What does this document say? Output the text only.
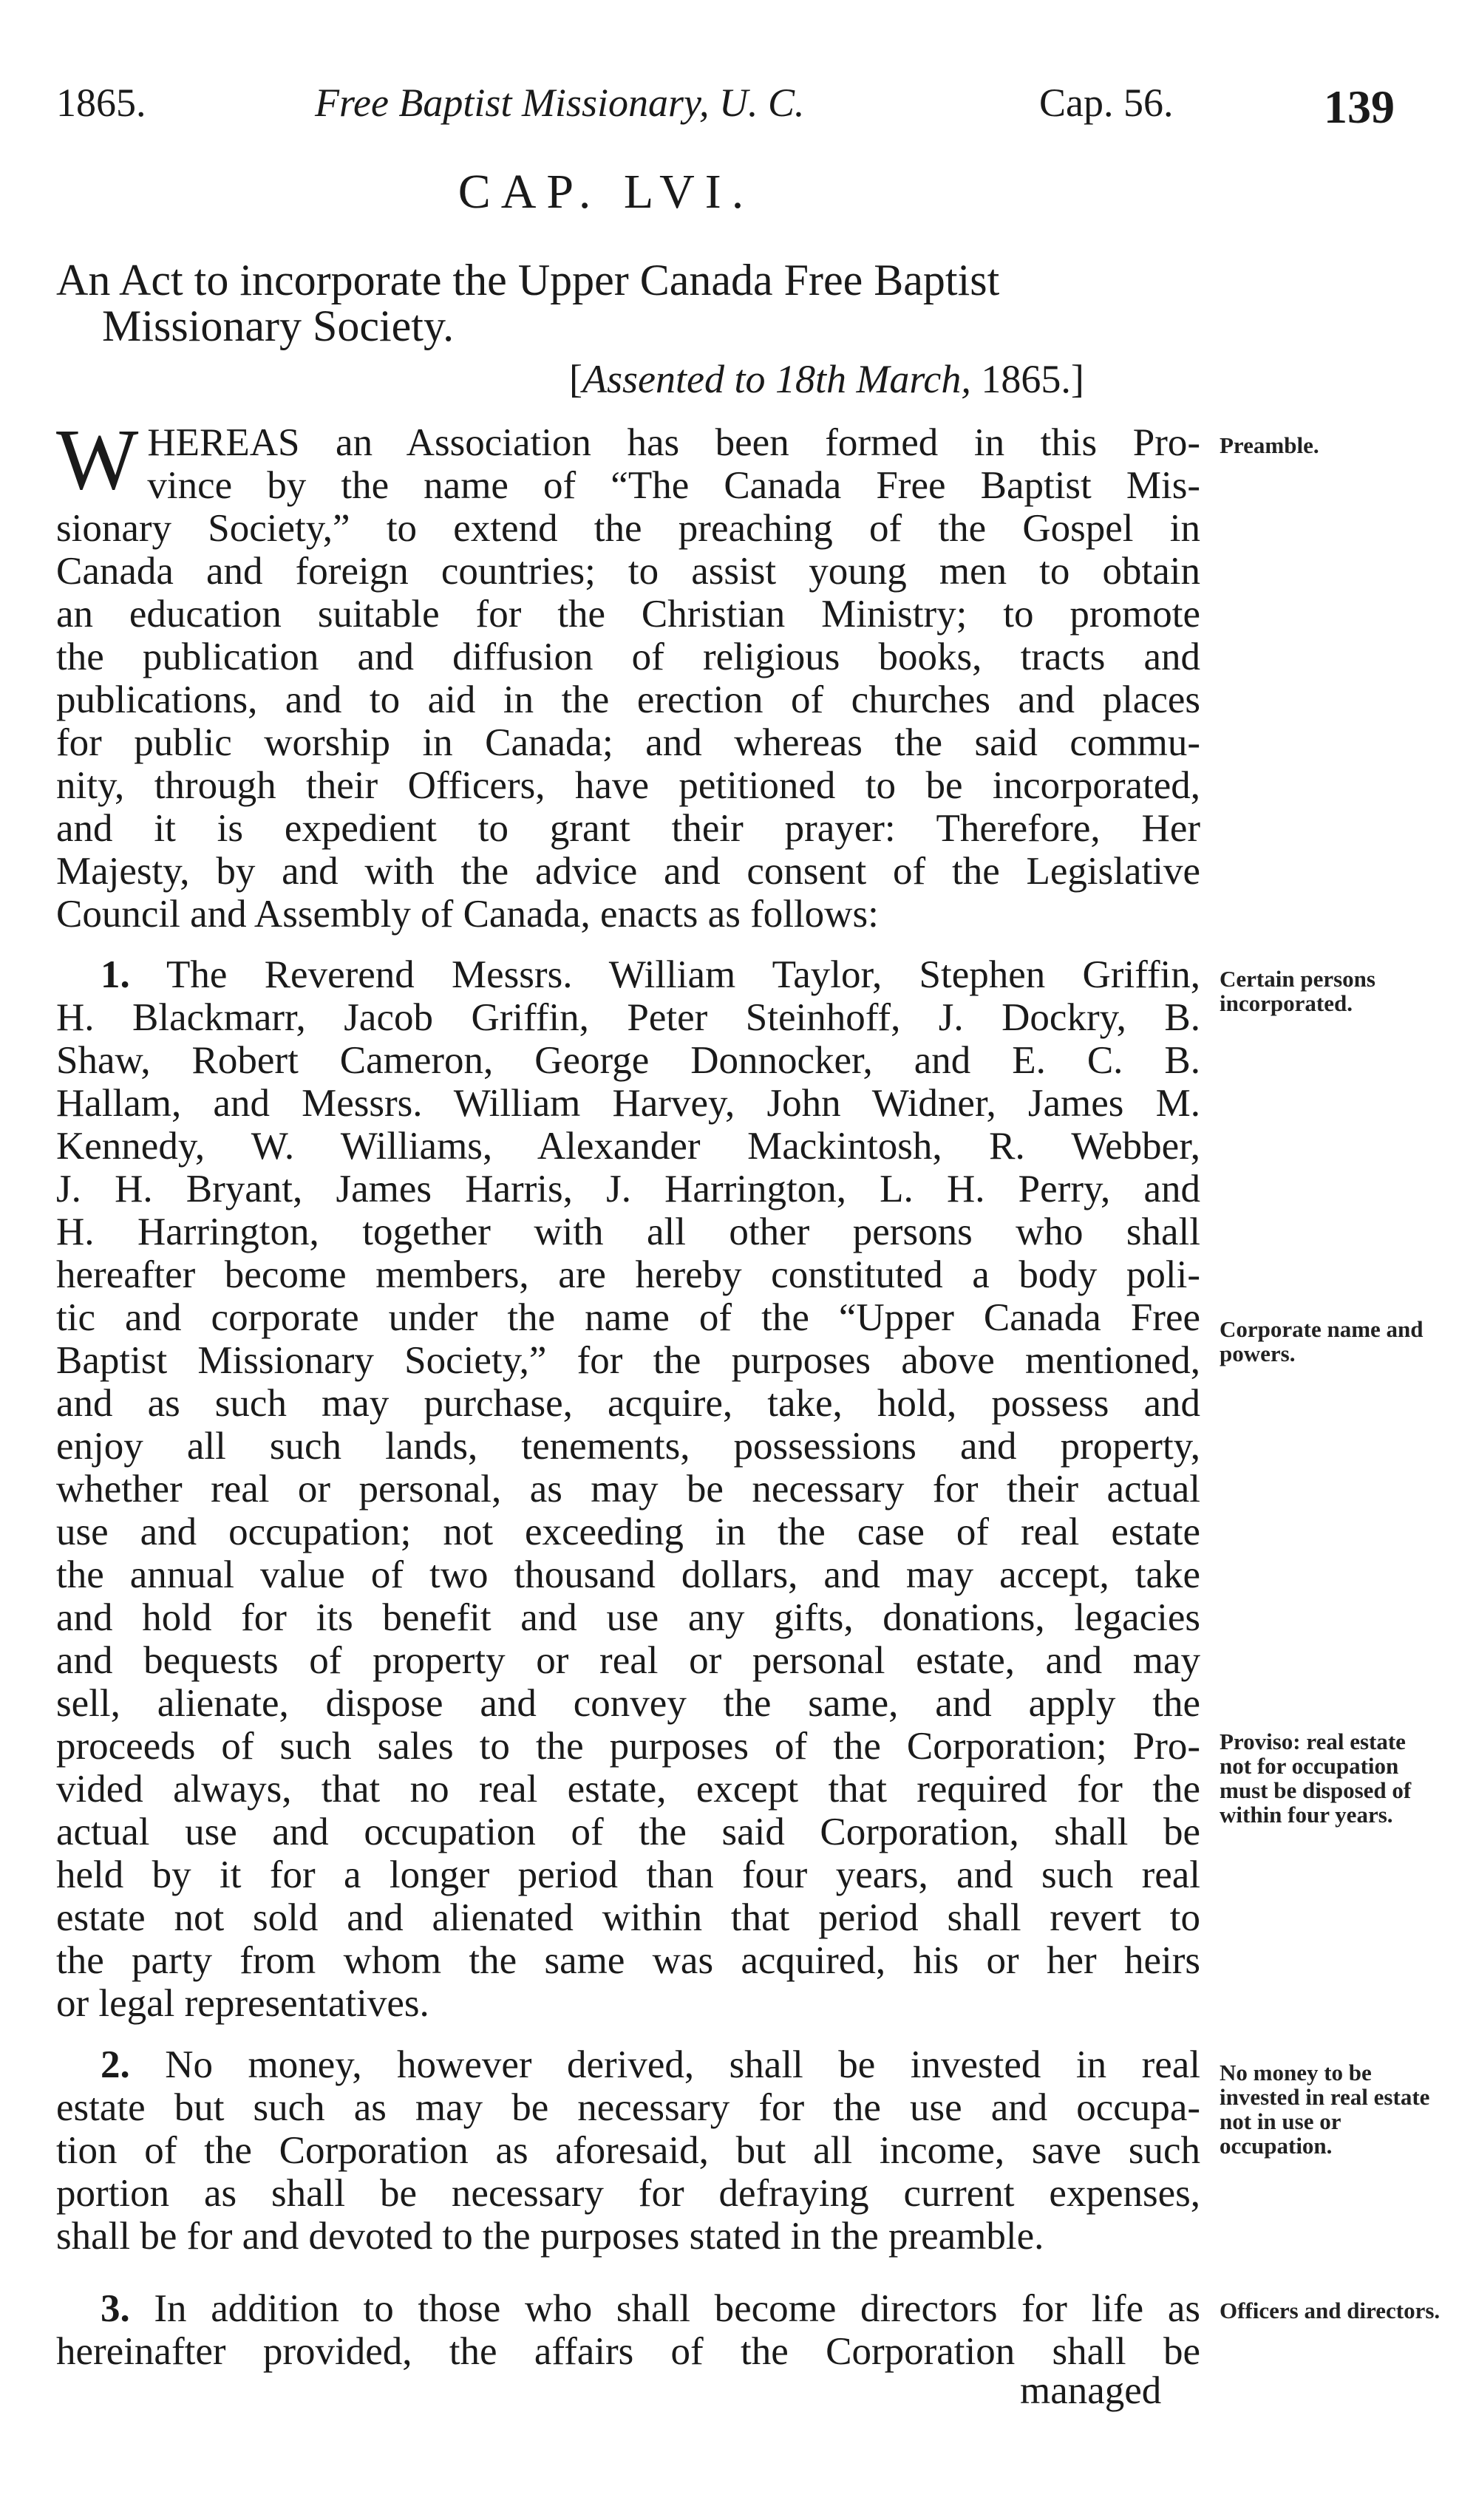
1865.	Free Baptist Missionary, U. C.	Cap. 56.	139
CAP. LVI.
An Act to incorporate the Upper Canada Free Baptist
Missionary Society.
[Assented to 18th March, 1865.]
W HEREAS an Association has been formed in this Pro-
vince by the name of “The Canada Free Baptist Mis-
sionary Society,” to extend the preaching of the Gospel in
Canada and foreign countries; to assist young men to obtain
an education suitable for the Christian Ministry; to promote
the publication and diffusion of religious books, tracts and
publications, and to aid in the erection of churches and places
for public worship in Canada; and whereas the said commu-
nity, through their Officers, have petitioned to be incorporated,
and it is expedient to grant their prayer: Therefore, Her
Majesty, by and with the advice and consent of the Legislative
Council and Assembly of Canada, enacts as follows:
1. The Reverend Messrs. William Taylor, Stephen Griffin,
H. Blackmarr, Jacob Griffin, Peter Steinhoff, J. Dockry, B.
Shaw, Robert Cameron, George Donnocker, and E. C. B.
Hallam, and Messrs. William Harvey, John Widner, James M.
Kennedy, W. Williams, Alexander Mackintosh, R. Webber,
J. H. Bryant, James Harris, J. Harrington, L. H. Perry, and
H. Harrington, together with all other persons who shall
hereafter become members, are hereby constituted a body poli-
tic and corporate under the name of the “Upper Canada Free
Baptist Missionary Society,” for the purposes above mentioned,
and as such may purchase, acquire, take, hold, possess and
enjoy all such lands, tenements, possessions and property,
whether real or personal, as may be necessary for their actual
use and occupation; not exceeding in the case of real estate
the annual value of two thousand dollars, and may accept, take
and hold for its benefit and use any gifts, donations, legacies
and bequests of property or real or personal estate, and may
sell, alienate, dispose and convey the same, and apply the
proceeds of such sales to the purposes of the Corporation; Pro-
vided always, that no real estate, except that required for the
actual use and occupation of the said Corporation, shall be
held by it for a longer period than four years, and such real
estate not sold and alienated within that period shall revert to
the party from whom the same was acquired, his or her heirs
or legal representatives.
2. No money, however derived, shall be invested in real
estate but such as may be necessary for the use and occupa-
tion of the Corporation as aforesaid, but all income, save such
portion as shall be necessary for defraying current expenses,
shall be for and devoted to the purposes stated in the preamble.
3. In addition to those who shall become directors for life as
hereinafter provided, the affairs of the Corporation shall be
managed
Preamble.
Certain persons incorporated.
Corporate name and powers.
Proviso: real estate not for occupation must be disposed of within four years.
No money to be invested in real estate not in use or occupation.
Officers and directors.
